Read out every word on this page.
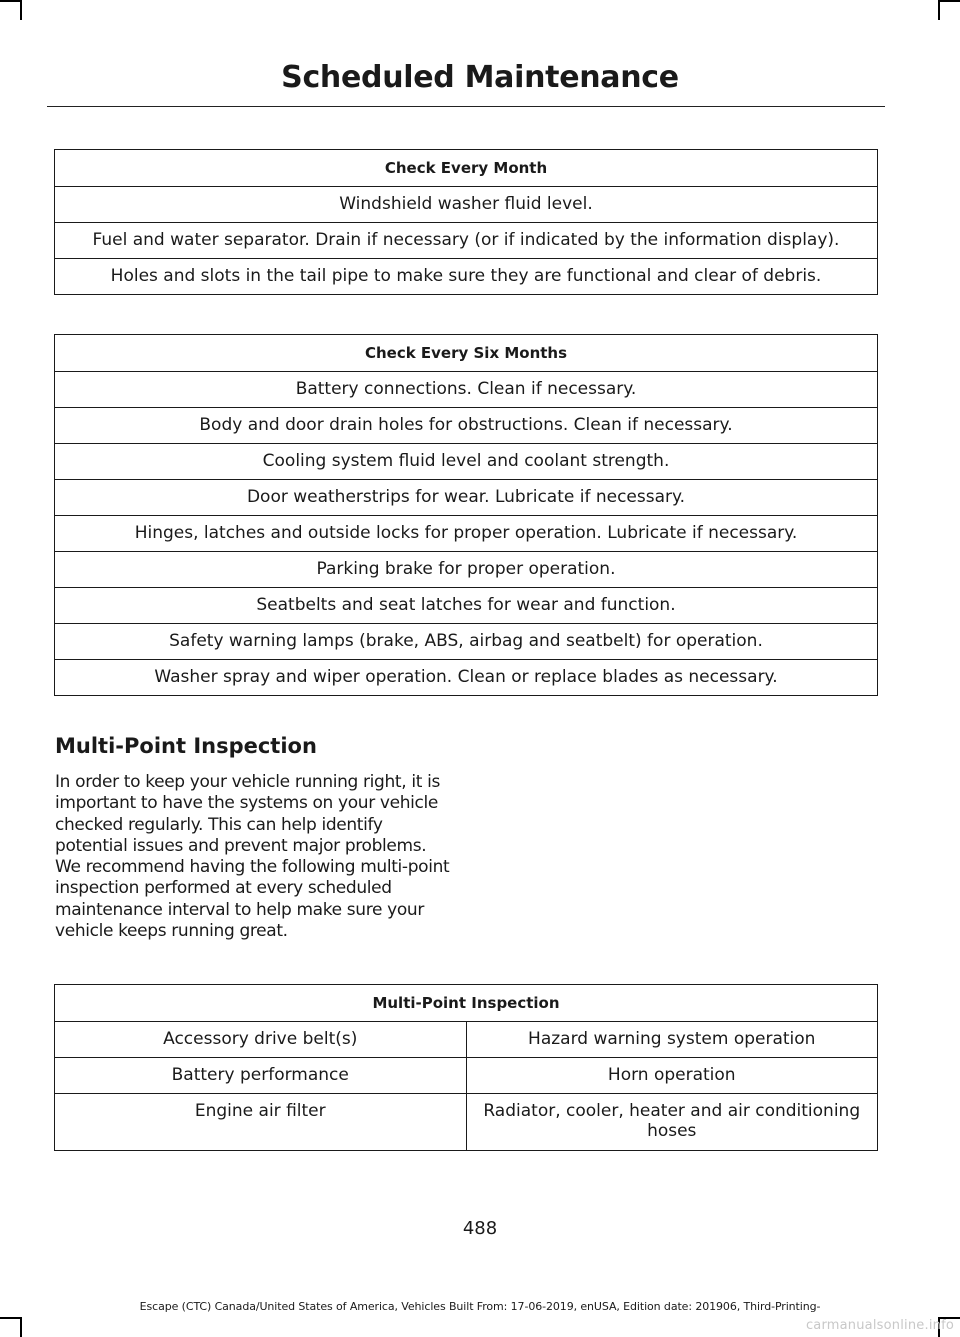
Scheduled Maintenance
Check Every Month
Windshield washer fluid level.
Fuel and water separator. Drain if necessary (or if indicated by the information display).
Holes and slots in the tail pipe to make sure they are functional and clear of debris.
Check Every Six Months
Battery connections. Clean if necessary.
Body and door drain holes for obstructions. Clean if necessary.
Cooling system fluid level and coolant strength.
Door weatherstrips for wear. Lubricate if necessary.
Hinges, latches and outside locks for proper operation. Lubricate if necessary.
Parking brake for proper operation.
Seatbelts and seat latches for wear and function.
Safety warning lamps (brake, ABS, airbag and seatbelt) for operation.
Washer spray and wiper operation. Clean or replace blades as necessary.
Multi-Point Inspection
In order to keep your vehicle running right, it is important to have the systems on your vehicle checked regularly. This can help identify potential issues and prevent major problems. We recommend having the following multi-point inspection performed at every scheduled maintenance interval to help make sure your vehicle keeps running great.
Multi-Point Inspection	
Accessory drive belt(s)	Hazard warning system operation
Battery performance	Horn operation
Engine air filter	Radiator, cooler, heater and air conditioning hoses
488
Escape (CTC) Canada/United States of America, Vehicles Built From: 17-06-2019, enUSA, Edition date: 201906, Third-Printing-
carmanualsonline.info
